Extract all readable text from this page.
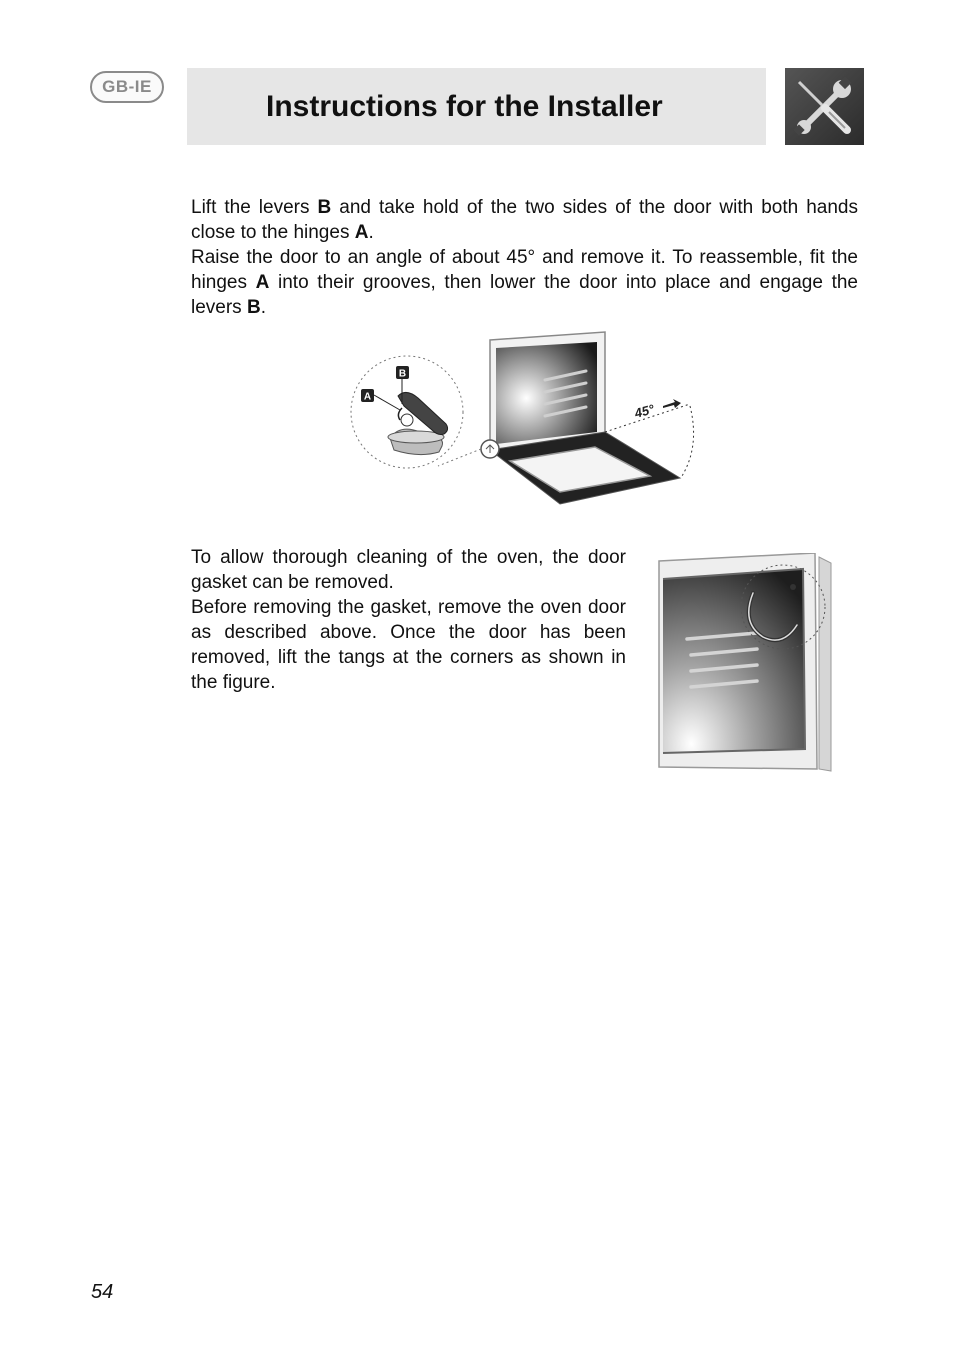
GB-IE
Instructions for the Installer
Lift the levers B and take hold of the two sides of the door with both hands close to the hinges A.
Raise the door to an angle of about 45° and remove it. To reassemble, fit the hinges A into their grooves, then lower the door into place and engage the levers B.
B
A
45°
To allow thorough cleaning of the oven, the door gasket can be removed.
Before removing the gasket, remove the oven door as described above. Once the door has been removed, lift the tangs at the corners as shown in the figure.
54
